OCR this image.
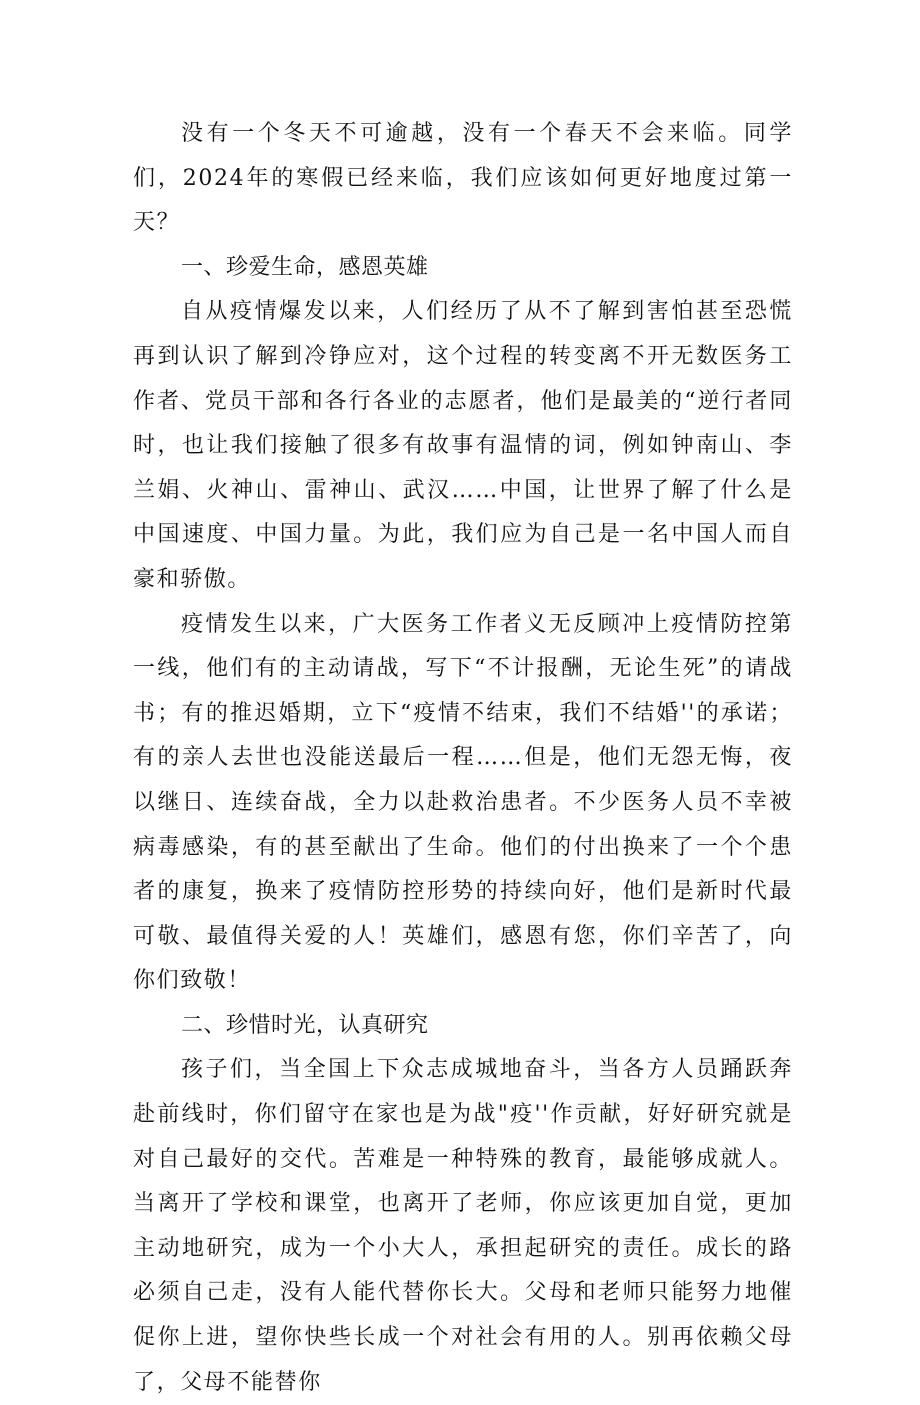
没有一个冬天不可逾越，没有一个春天不会来临。同学们，2024年的寒假已经来临，我们应该如何更好地度过第一天？

一、珍爱生命，感恩英雄

自从疫情爆发以来，人们经历了从不了解到害怕甚至恐慌再到认识了解到冷铮应对，这个过程的转变离不开无数医务工作者、党员干部和各行各业的志愿者，他们是最美的“逆行者同时，也让我们接触了很多有故事有温情的词，例如钟南山、李兰娟、火神山、雷神山、武汉……中国，让世界了解了什么是中国速度、中国力量。为此，我们应为自己是一名中国人而自豪和骄傲。

疫情发生以来，广大医务工作者义无反顾冲上疫情防控第一线，他们有的主动请战，写下“不计报酬，无论生死”的请战书；有的推迟婚期，立下“疫情不结束，我们不结婚''的承诺；有的亲人去世也没能送最后一程……但是，他们无怨无悔，夜以继日、连续奋战，全力以赴救治患者。不少医务人员不幸被病毒感染，有的甚至献出了生命。他们的付出换来了一个个患者的康复，换来了疫情防控形势的持续向好，他们是新时代最可敬、最值得关爱的人！英雄们，感恩有您，你们辛苦了，向你们致敬！

二、珍惜时光，认真研究

孩子们，当全国上下众志成城地奋斗，当各方人员踊跃奔赴前线时，你们留守在家也是为战"疫''作贡献，好好研究就是对自己最好的交代。苦难是一种特殊的教育，最能够成就人。当离开了学校和课堂，也离开了老师，你应该更加自觉，更加主动地研究，成为一个小大人，承担起研究的责任。成长的路必须自己走，没有人能代替你长大。父母和老师只能努力地催促你上进，望你快些长成一个对社会有用的人。别再依赖父母了，父母不能替你
